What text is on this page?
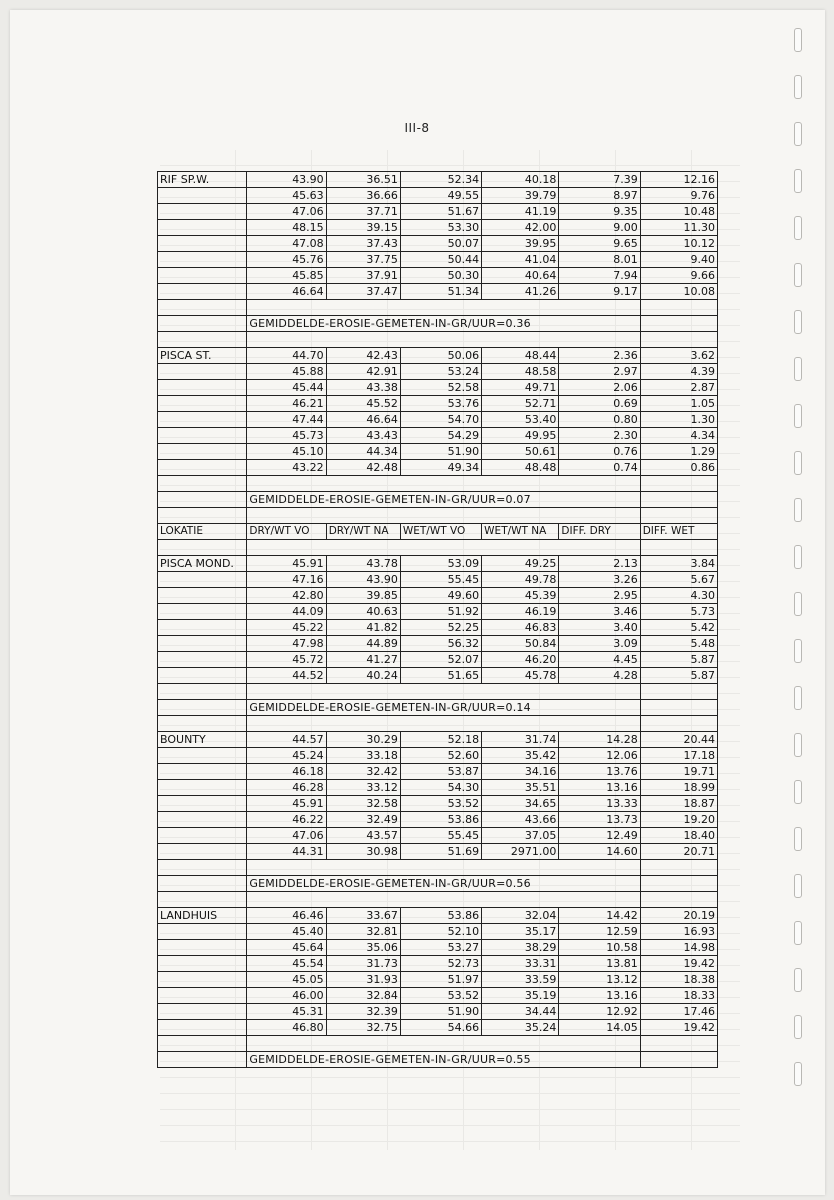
III-8
RIF SP.W.	43.90	36.51	52.34	40.18	7.39	12.16
	45.63	36.66	49.55	39.79	8.97	9.76
	47.06	37.71	51.67	41.19	9.35	10.48
	48.15	39.15	53.30	42.00	9.00	11.30
	47.08	37.43	50.07	39.95	9.65	10.12
	45.76	37.75	50.44	41.04	8.01	9.40
	45.85	37.91	50.30	40.64	7.94	9.66
	46.64	37.47	51.34	41.26	9.17	10.08

	GEMIDDELDE-EROSIE-GEMETEN-IN-GR/UUR=0.36					

PISCA ST.	44.70	42.43	50.06	48.44	2.36	3.62
	45.88	42.91	53.24	48.58	2.97	4.39
	45.44	43.38	52.58	49.71	2.06	2.87
	46.21	45.52	53.76	52.71	0.69	1.05
	47.44	46.64	54.70	53.40	0.80	1.30
	45.73	43.43	54.29	49.95	2.30	4.34
	45.10	44.34	51.90	50.61	0.76	1.29
	43.22	42.48	49.34	48.48	0.74	0.86

	GEMIDDELDE-EROSIE-GEMETEN-IN-GR/UUR=0.07					

LOKATIE	DRY/WT VO	DRY/WT NA	WET/WT VO	WET/WT NA	DIFF. DRY	DIFF. WET

PISCA MOND.	45.91	43.78	53.09	49.25	2.13	3.84
	47.16	43.90	55.45	49.78	3.26	5.67
	42.80	39.85	49.60	45.39	2.95	4.30
	44.09	40.63	51.92	46.19	3.46	5.73
	45.22	41.82	52.25	46.83	3.40	5.42
	47.98	44.89	56.32	50.84	3.09	5.48
	45.72	41.27	52.07	46.20	4.45	5.87
	44.52	40.24	51.65	45.78	4.28	5.87

	GEMIDDELDE-EROSIE-GEMETEN-IN-GR/UUR=0.14					

BOUNTY	44.57	30.29	52.18	31.74	14.28	20.44
	45.24	33.18	52.60	35.42	12.06	17.18
	46.18	32.42	53.87	34.16	13.76	19.71
	46.28	33.12	54.30	35.51	13.16	18.99
	45.91	32.58	53.52	34.65	13.33	18.87
	46.22	32.49	53.86	43.66	13.73	19.20
	47.06	43.57	55.45	37.05	12.49	18.40
	44.31	30.98	51.69	2971.00	14.60	20.71

	GEMIDDELDE-EROSIE-GEMETEN-IN-GR/UUR=0.56					

LANDHUIS	46.46	33.67	53.86	32.04	14.42	20.19
	45.40	32.81	52.10	35.17	12.59	16.93
	45.64	35.06	53.27	38.29	10.58	14.98
	45.54	31.73	52.73	33.31	13.81	19.42
	45.05	31.93	51.97	33.59	13.12	18.38
	46.00	32.84	53.52	35.19	13.16	18.33
	45.31	32.39	51.90	34.44	12.92	17.46
	46.80	32.75	54.66	35.24	14.05	19.42

	GEMIDDELDE-EROSIE-GEMETEN-IN-GR/UUR=0.55					
